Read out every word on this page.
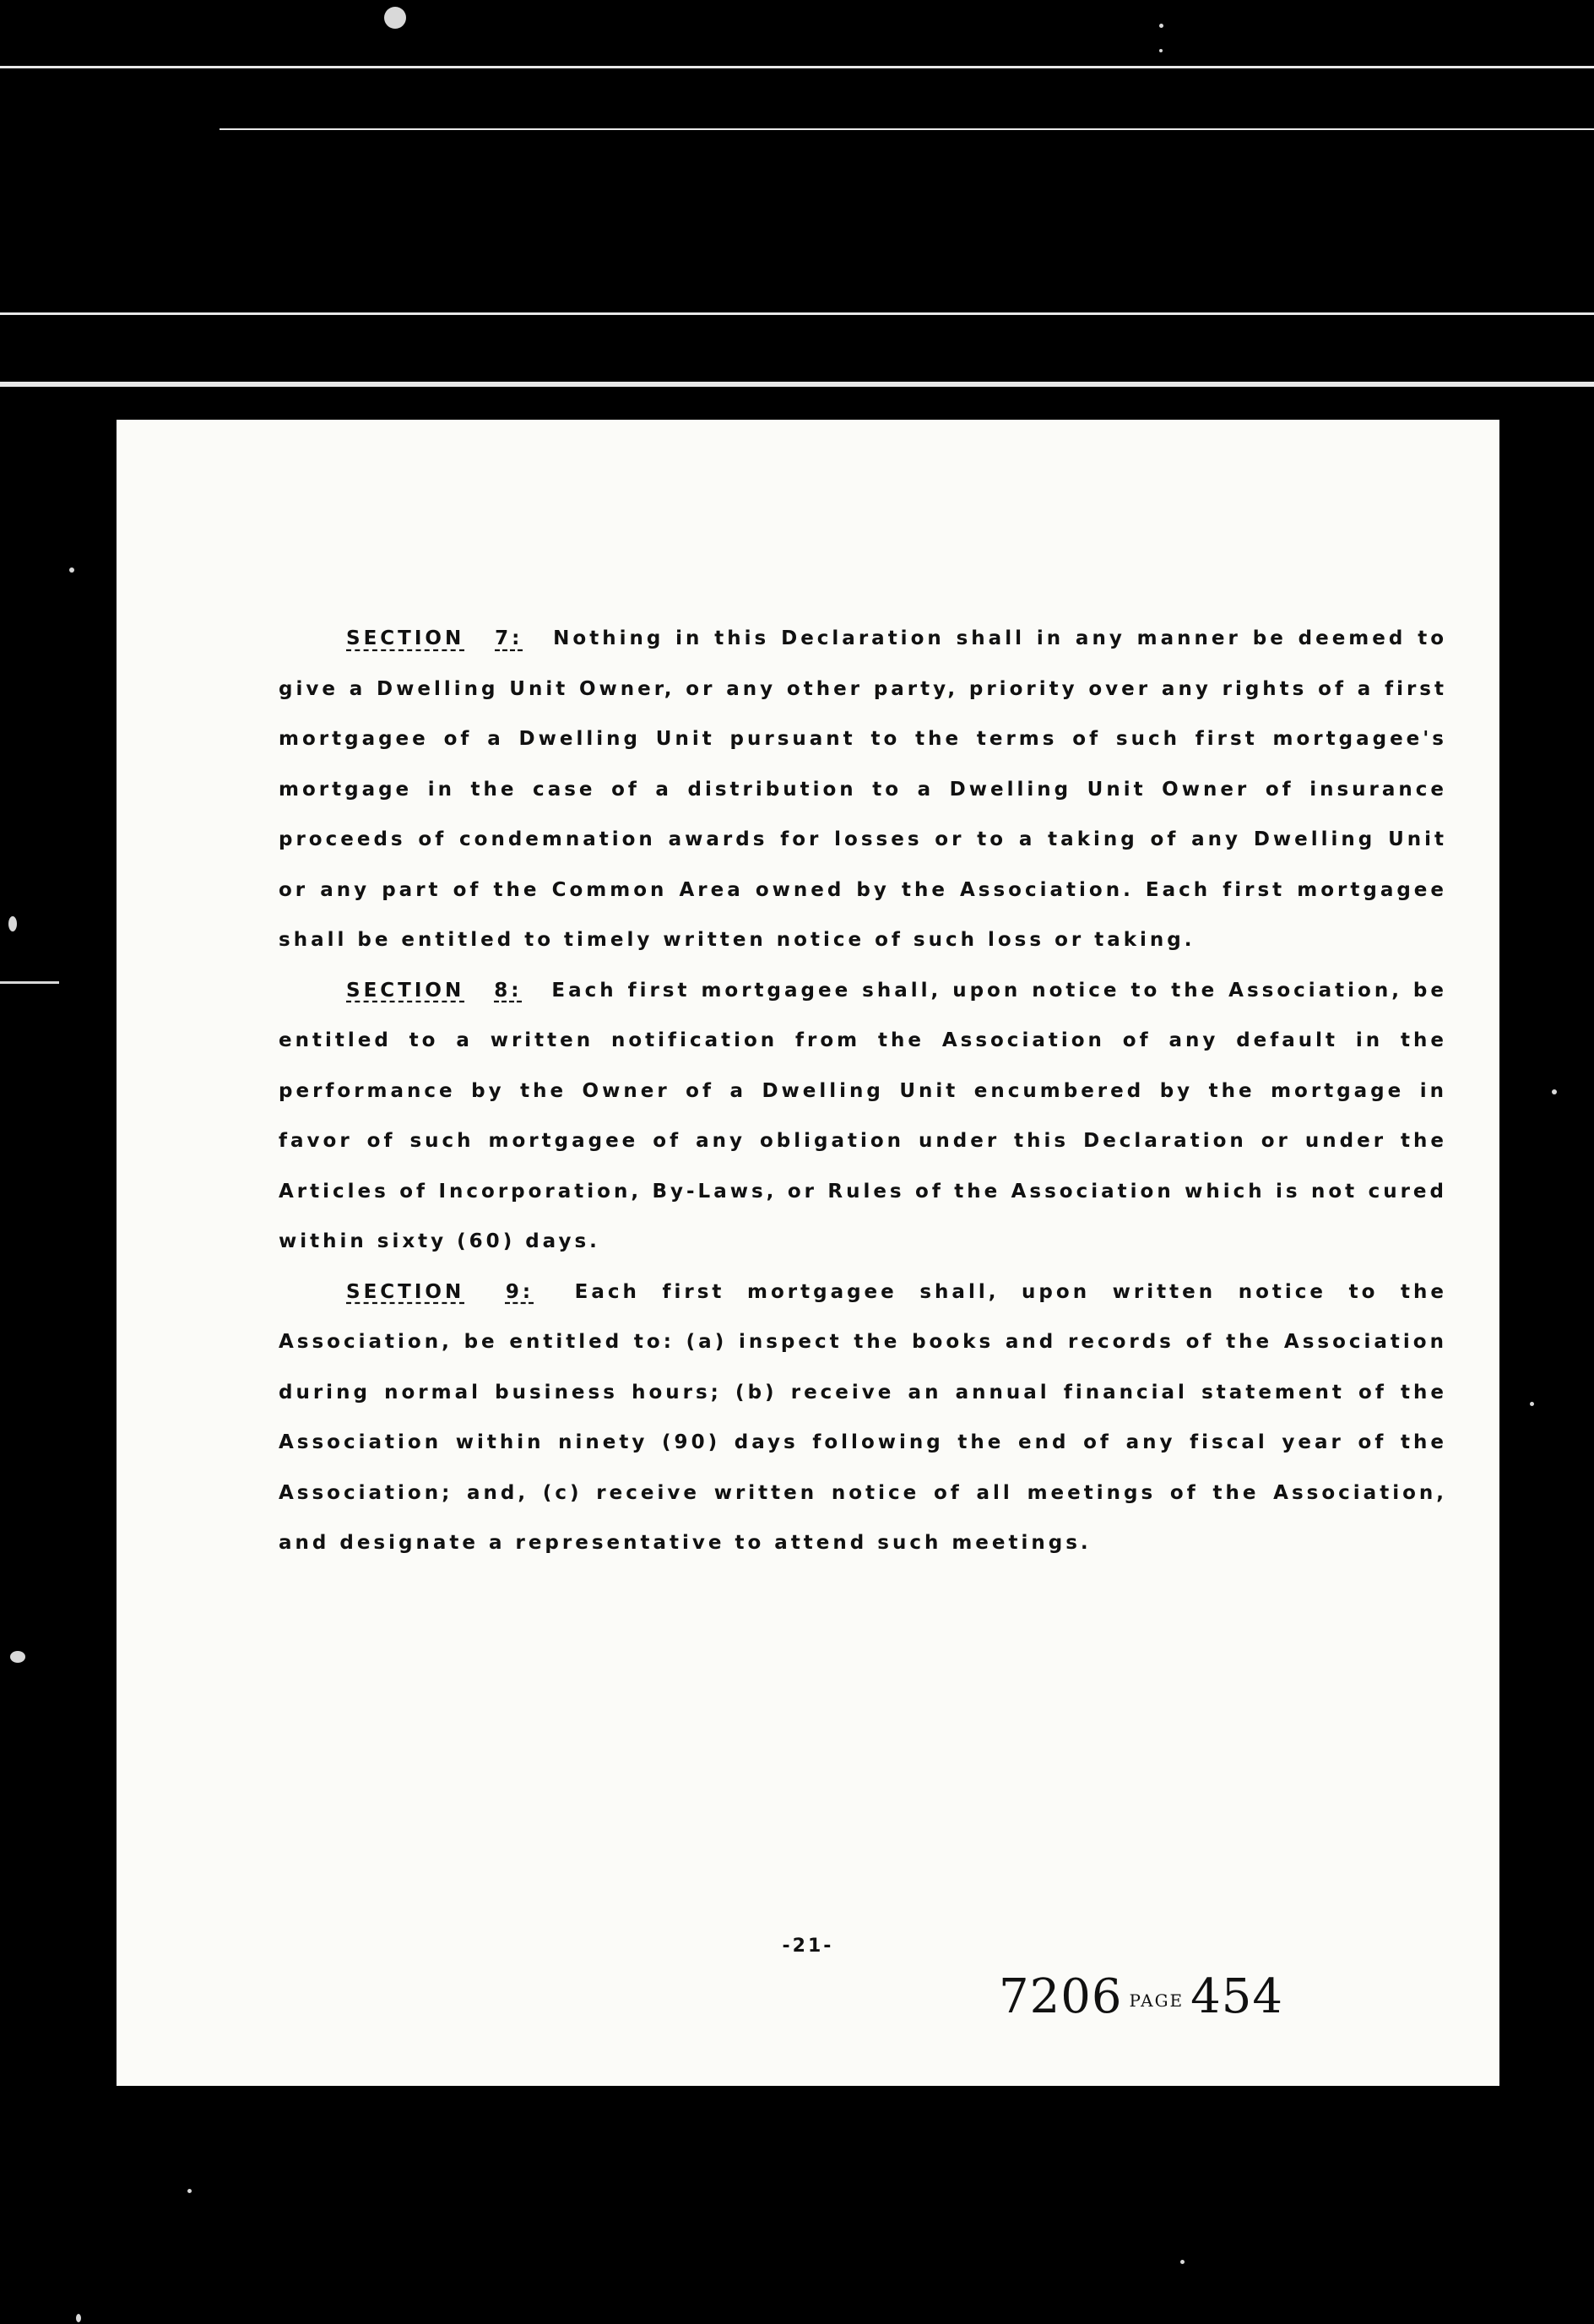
SECTION 7: Nothing in this Declaration shall in any manner be deemed to give a Dwelling Unit Owner, or any other party, priority over any rights of a first mortgagee of a Dwelling Unit pursuant to the terms of such first mortgagee's mortgage in the case of a distribution to a Dwelling Unit Owner of insurance proceeds of condemnation awards for losses or to a taking of any Dwelling Unit or any part of the Common Area owned by the Association. Each first mortgagee shall be entitled to timely written notice of such loss or taking.

SECTION 8: Each first mortgagee shall, upon notice to the Association, be entitled to a written notification from the Association of any default in the performance by the Owner of a Dwelling Unit encumbered by the mortgage in favor of such mortgagee of any obligation under this Declaration or under the Articles of Incorporation, By-Laws, or Rules of the Association which is not cured within sixty (60) days.

SECTION 9: Each first mortgagee shall, upon written notice to the Association, be entitled to: (a) inspect the books and records of the Association during normal business hours; (b) receive an annual financial statement of the Association within ninety (90) days following the end of any fiscal year of the Association; and, (c) receive written notice of all meetings of the Association, and designate a representative to attend such meetings.

-21-
7206 PAGE 454
